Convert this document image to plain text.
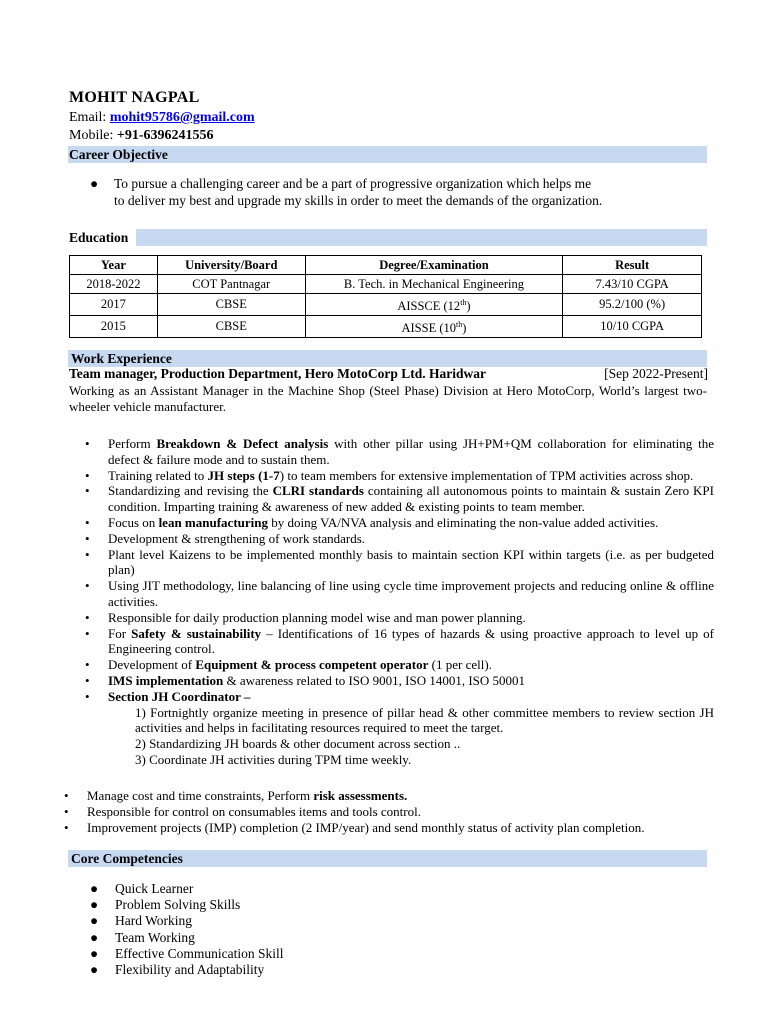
MOHIT NAGPAL
Email: mohit95786@gmail.com
Mobile: +91-6396241556
Career Objective
● To pursue a challenging career and be a part of progressive organization which helps me
to deliver my best and upgrade my skills in order to meet the demands of the organization.
Education
Year	University/Board	Degree/Examination	Result
2018-2022	COT Pantnagar	B. Tech. in Mechanical Engineering	7.43/10 CGPA
2017	CBSE	AISSCE (12th)	95.2/100 (%)
2015	CBSE	AISSE (10th)	10/10 CGPA
Work Experience
Team manager, Production Department, Hero MotoCorp Ltd. Haridwar	[Sep 2022-Present]
Working as an Assistant Manager in the Machine Shop (Steel Phase) Division at Hero MotoCorp, World’s largest two- wheeler vehicle manufacturer.
• Perform Breakdown & Defect analysis with other pillar using JH+PM+QM collaboration for eliminating the defect & failure mode and to sustain them.
• Training related to JH steps (1-7) to team members for extensive implementation of TPM activities across shop.
• Standardizing and revising the CLRI standards containing all autonomous points to maintain & sustain Zero KPI condition. Imparting training & awareness of new added & existing points to team member.
• Focus on lean manufacturing by doing VA/NVA analysis and eliminating the non-value added activities.
• Development & strengthening of work standards.
• Plant level Kaizens to be implemented monthly basis to maintain section KPI within targets (i.e. as per budgeted plan)
• Using JIT methodology, line balancing of line using cycle time improvement projects and reducing online & offline activities.
• Responsible for daily production planning model wise and man power planning.
• For Safety & sustainability – Identifications of 16 types of hazards & using proactive approach to level up of Engineering control.
• Development of Equipment & process competent operator (1 per cell).
• IMS implementation & awareness related to ISO 9001, ISO 14001, ISO 50001
• Section JH Coordinator –
1) Fortnightly organize meeting in presence of pillar head & other committee members to review section JH activities and helps in facilitating resources required to meet the target.
2) Standardizing JH boards & other document across section ..
3) Coordinate JH activities during TPM time weekly.
• Manage cost and time constraints, Perform risk assessments.
• Responsible for control on consumables items and tools control.
• Improvement projects (IMP) completion (2 IMP/year) and send monthly status of activity plan completion.
Core Competencies
● Quick Learner
● Problem Solving Skills
● Hard Working
● Team Working
● Effective Communication Skill
● Flexibility and Adaptability
